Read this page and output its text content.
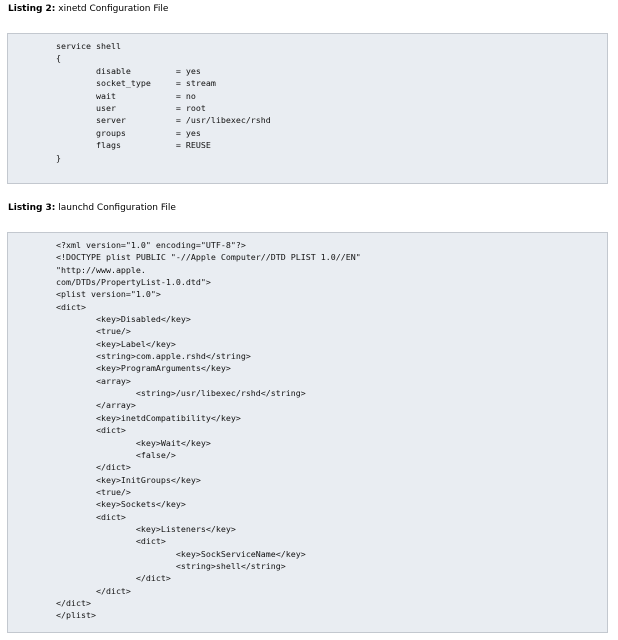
Listing 2: xinetd Configuration File
service shell
{
disable         = yes
socket_type     = stream
wait            = no
user            = root
server          = /usr/libexec/rshd
groups          = yes
flags           = REUSE
}
Listing 3: launchd Configuration File
<?xml version="1.0" encoding="UTF-8"?>
<!DOCTYPE plist PUBLIC "-//Apple Computer//DTD PLIST 1.0//EN"
"http://www.apple.
com/DTDs/PropertyList-1.0.dtd">
<plist version="1.0">
<dict>
<key>Disabled</key>
<true/>
<key>Label</key>
<string>com.apple.rshd</string>
<key>ProgramArguments</key>
<array>
<string>/usr/libexec/rshd</string>
</array>
<key>inetdCompatibility</key>
<dict>
<key>Wait</key>
<false/>
</dict>
<key>InitGroups</key>
<true/>
<key>Sockets</key>
<dict>
<key>Listeners</key>
<dict>
<key>SockServiceName</key>
<string>shell</string>
</dict>
</dict>
</dict>
</plist>
